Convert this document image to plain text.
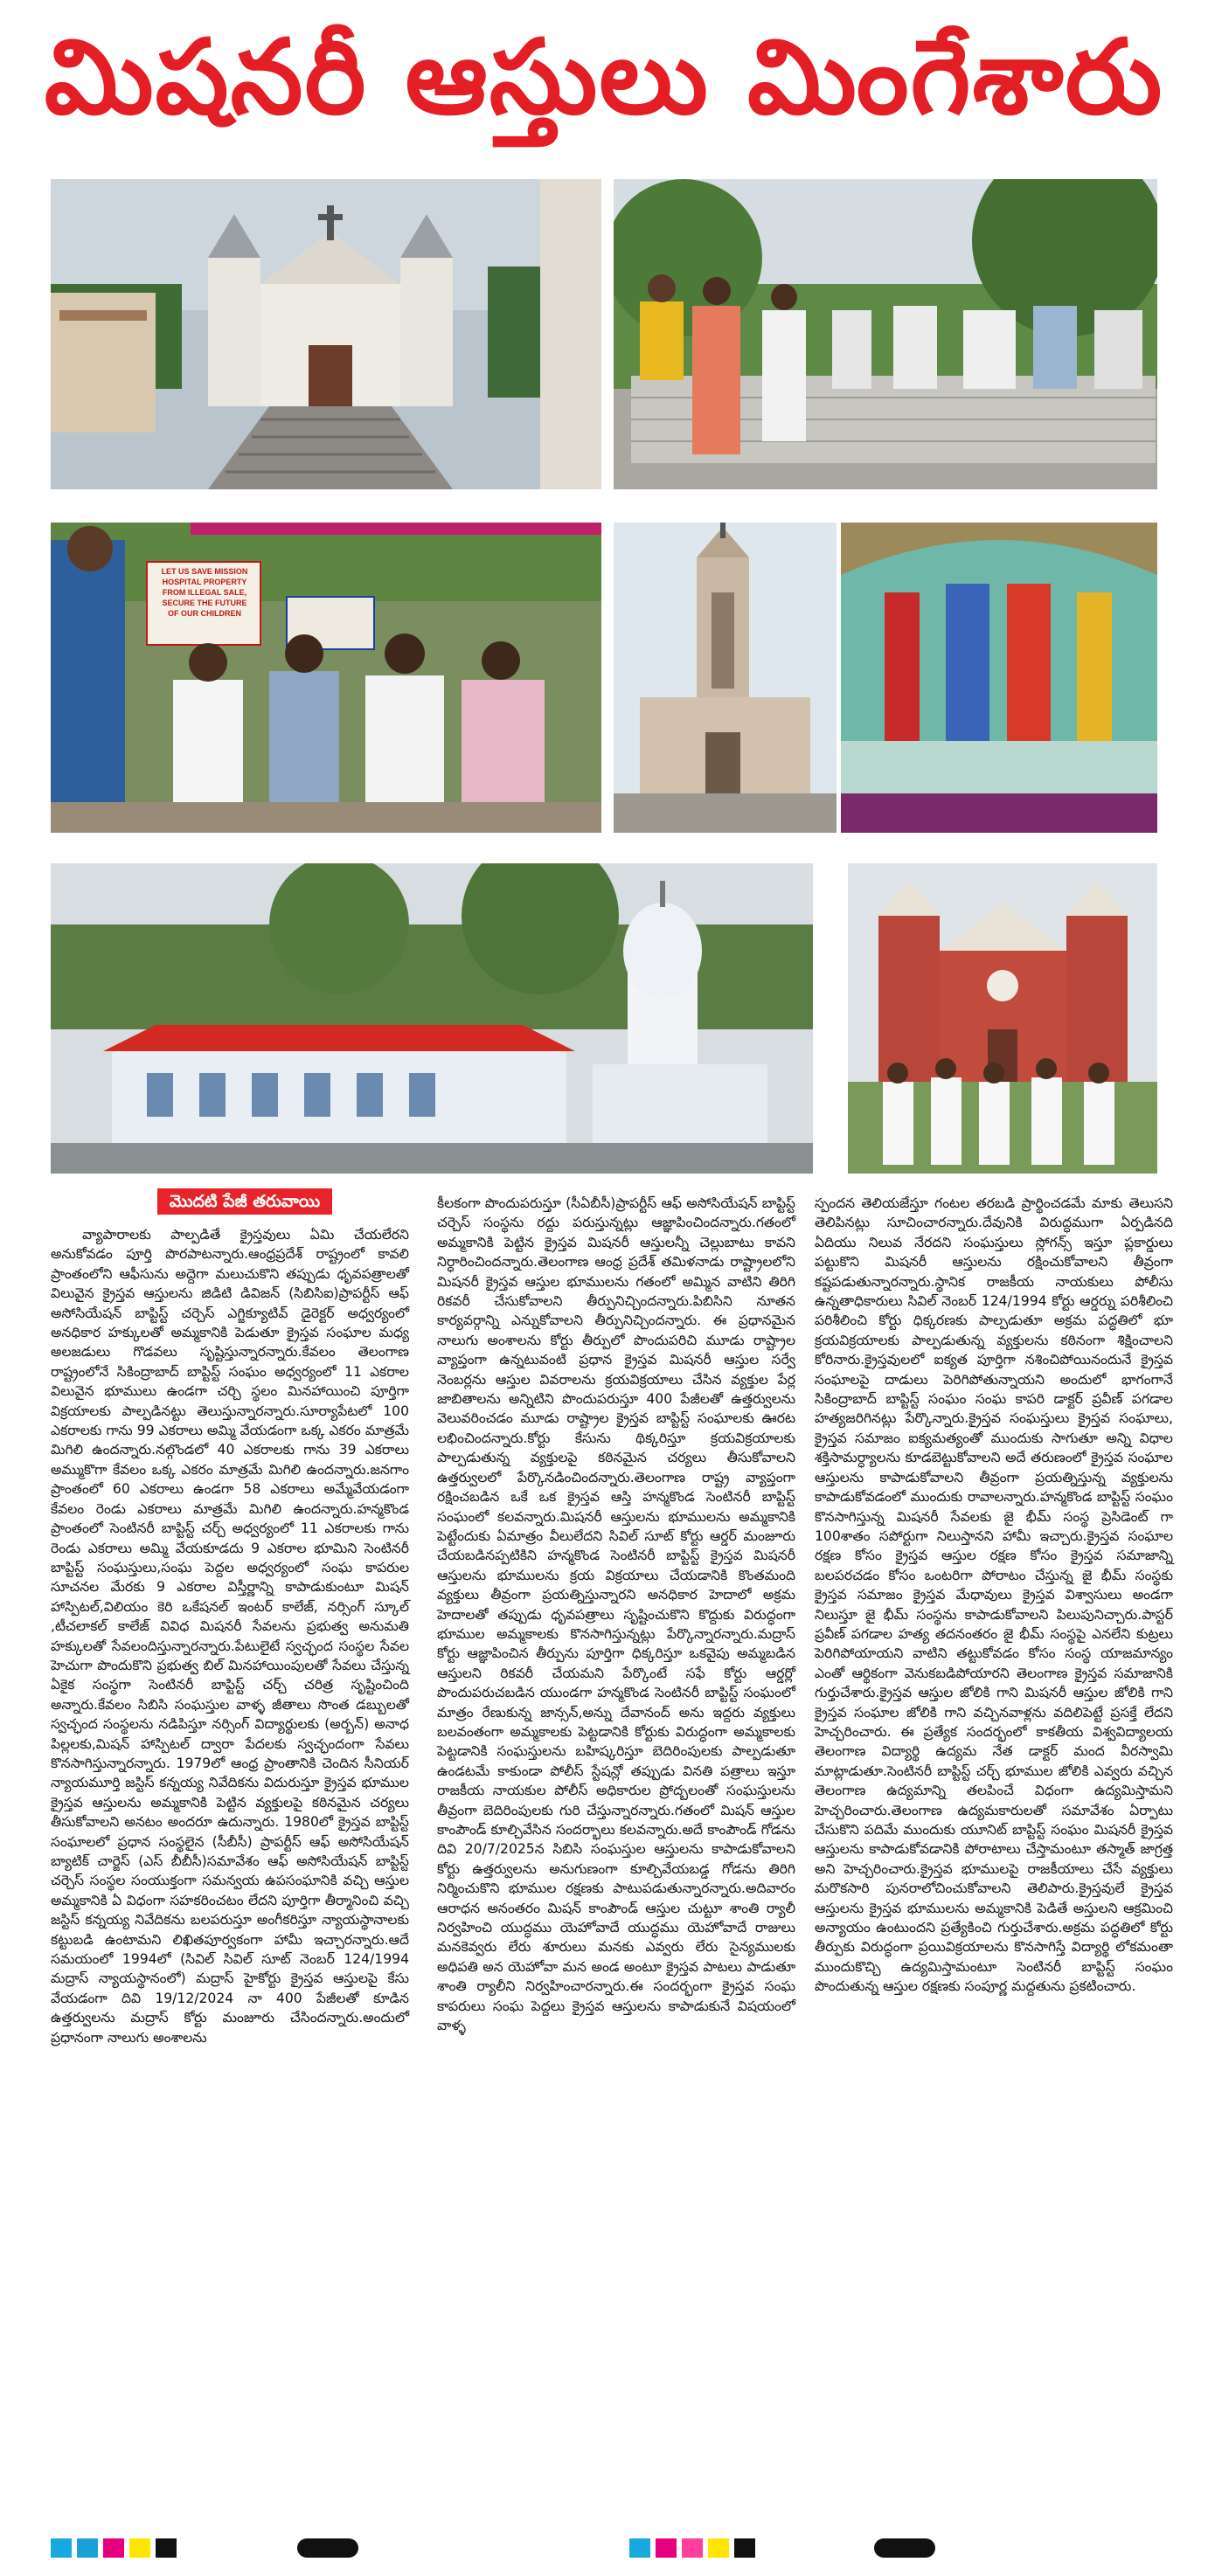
మిషనరీ ఆస్తులు మింగేశారు
LET US SAVE MISSION
HOSPITAL PROPERTY
FROM ILLEGAL SALE,
SECURE THE FUTURE
OF OUR CHILDREN
మొదటి పేజీ తరువాయి

వ్యాపారాలకు పాల్పడితే క్రైస్తవులు ఏమి చేయలేరని అనుకోవడం పూర్తి పొరపాటన్నారు.ఆంధ్రప్రదేశ్ రాష్ట్రంలో కావలి ప్రాంతంలోని ఆఫీసును అద్దెగా మలుచుకొని తప్పుడు ధృవపత్రాలతో విలువైన క్రైస్తవ ఆస్తులను జిడిటి డివిజన్ (సిబిసిఐ)ప్రాపర్టీస్ ఆఫ్ అసోసియేషన్ బాప్టిస్ట్ చర్చెస్ ఎగ్జిక్యూటివ్ డైరెక్టర్ అధ్వర్యంలో అనధికార హక్కులతో అమ్మకానికి పెడుతూ క్రైస్తవ సంఘాల మధ్య అలజడులు గొడవలు సృష్టిస్తున్నారన్నారు.కేవలం తెలంగాణ రాష్ట్రంలోనే సికింద్రాబాద్ బాప్టిస్ట్ సంఘం అధ్వర్యంలో 11 ఎకరాల విలువైన భూములు ఉండగా చర్చి స్థలం మినహాయించి పూర్తిగా విక్రయాలకు పాల్పడినట్టు తెలుస్తున్నారన్నారు.సూర్యాపేటలో 100 ఎకరాలకు గాను 99 ఎకరాలు అమ్మి వేయడంగా ఒక్క ఎకరం మాత్రమే మిగిలి ఉందన్నారు.నల్గొండలో 40 ఎకరాలకు గాను 39 ఎకరాలు అమ్ముకొగా కేవలం ఒక్క ఎకరం మాత్రమే మిగిలి ఉందన్నారు.జనగాం ప్రాంతంలో 60 ఎకరాలు ఉండగా 58 ఎకరాలు అమ్మేవేయడంగా కేవలం రెండు ఎకరాలు మాత్రమే మిగిలి ఉందన్నారు.హన్మకొండ ప్రాంతంలో సెంటినరీ బాప్టిస్ట్ చర్చ్ అధ్వర్యంలో 11 ఎకరాలకు గాను రెండు ఎకరాలు అమ్మి వేయకూడదు 9 ఎకరాల భూమిని సెంటినరీ బాప్టిస్ట్ సంఘస్తులు,సంఘ పెద్దల అధ్వర్యంలో సంఘ కాపరుల సూచనల మేరకు 9 ఎకరాల విస్తీర్ణాన్ని కాపాడుకుంటూ మిషన్ హాస్పిటల్,విలియం కెరి ఒకేషనల్ ఇంటర్ కాలేజ్, నర్సింగ్ స్కూల్ ,టీచలాకల్ కాలేజ్ వివిధ మిషనరీ సేవలను ప్రభుత్వ అనుమతి హక్కులతో సేవలందిస్తున్నారన్నారు.పేటులైటే స్వచ్ఛంద సంస్థల సేవల హెచుగా పొందుకొని ప్రభుత్వ బిల్ మినహాయింపులతో సేవలు చేస్తున్న ఏకైక సంస్థగా సెంటినరీ బాప్టిస్ట్ చర్చ్ చరిత్ర సృష్టించింది అన్నారు.కేవలం సిబిసి సంఘస్తుల వాళ్ళ జీతాలు సొంత డబ్బులతో స్వచ్ఛంద సంస్థలను నడిపిస్తూ నర్సింగ్ విద్యార్థులకు (అర్బన్) అనాధ పిల్లలకు,మిషన్ హాస్పిటల్ ద్వారా పేదలకు స్వచ్ఛందంగా సేవలు కొనసాగిస్తున్నారన్నారు. 1979లో ఆంధ్ర ప్రాంతానికి చెందిన సీనియర్ న్యాయమూర్తి జస్టిస్ కన్నయ్య నివేదికను విదురుస్తూ క్రైస్తవ భూముల క్రైస్తవ ఆస్తులను అమ్మకానికి పెట్టిన వ్యక్తులపై కఠినమైన చర్యలు తీసుకోవాలని అనటం అందరూ ఉదున్నారు. 1980లో క్రైస్తవ బాప్టిస్ట్ సంఘాలలో ప్రధాన సంస్థలైన (సీబీసీ) ప్రాపర్టీస్ ఆఫ్ అసోసియేషన్ బ్యాటిక్ చార్జెస్ (ఎస్ బీబీసీ)సమావేశం ఆఫ్ అసోసియేషన్ బాప్టిస్ట్ చర్చెస్ సంస్థల సంయుక్తంగా సమన్వయ ఉపసంఘానికి వచ్చి ఆస్తుల అమ్మకానికి ఏ విధంగా సహకరించటం లేదని పూర్తిగా తీర్మానించి వచ్చి జస్టిస్ కన్నయ్య నివేదికను బలపరుస్తూ అంగీకరిస్తూ న్యాయస్థానాలకు కట్టుబడి ఉంటామని లిఖితపూర్వకంగా హామీ ఇచ్చారన్నారు.ఆదే సమయంలో 1994లో (సివిల్ సివిల్ సూట్ నెంబర్ 124/1994 మద్రాస్ న్యాయస్థానంలో) మద్రాస్ హైకోర్టు క్రైస్తవ ఆస్తులపై కేసు వేయడంగా దివి 19/12/2024 నా 400 పేజీలతో కూడిన ఉత్తర్వులను మద్రాస్ కోర్టు మంజూరు చేసిందన్నారు.అందులో ప్రధానంగా నాలుగు అంశాలను

కీలకంగా పొందుపరుస్తూ (సీఏబీసీ)ప్రాపర్టీస్ ఆఫ్ అసోసియేషన్ బాప్టిస్ట్ చర్చెస్ సంస్థను రద్దు పరుస్తున్నట్లు ఆజ్ఞాపించిందన్నారు.గతంలో అమ్మకానికి పెట్టిన క్రైస్తవ మిషనరీ ఆస్తులన్నీ చెల్లుబాటు కావని నిర్ధారించిందన్నారు.తెలంగాణ ఆంధ్ర ప్రదేశ్ తమిళనాడు రాష్ట్రాలలోని మిషనరీ క్రైస్తవ ఆస్తుల భూములను గతంలో అమ్మిన వాటిని తిరిగి రికవరీ చేసుకోవాలని తీర్పునిచ్చిందన్నారు.పిబిసిని నూతన కార్యవర్గాన్ని ఎన్నుకోవాలని తీర్పునిచ్చిందన్నారు. ఈ ప్రధానమైన నాలుగు అంశాలను కోర్టు తీర్పులో పొందుపరిచి మూడు రాష్ట్రాల వ్యాప్తంగా ఉన్నటువంటి ప్రధాన క్రైస్తవ మిషనరీ ఆస్తుల సర్వే నెంబర్లను ఆస్తుల వివరాలను క్రయవిక్రయాలు చేసిన వ్యక్తుల పేర్ల జాబితాలను అన్నిటిని పొందుపరుస్తూ 400 పేజీలతో ఉత్తర్వులను వెలువరించడం మూడు రాష్ట్రాల క్రైస్తవ బాప్టిస్ట్ సంఘాలకు ఊరట లభించిందన్నారు.కోర్టు కేసును థిక్కరిస్తూ క్రయవిక్రయాలకు పాల్పడుతున్న వ్యక్తులపై కఠినమైన చర్యలు తీసుకోవాలని ఉత్తర్వులలో పేర్కొనడించిందన్నారు.తెలంగాణ రాష్ట్ర వ్యాప్తంగా రక్షించబడిన ఒకే ఒక క్రైస్తవ ఆస్తి హన్మకొండ సెంటినరీ బాప్టిస్ట్ సంఘంలో కలవన్నారు.మిషనరీ ఆస్తులను భూములను అమ్మకానికి పెట్టేందుకు ఏమాత్రం వీలులేదని సివిల్ సూట్ కోర్టు ఆర్డర్ మంజూరు చేయబడినప్పటికిని హన్మకొండ సెంటినరీ బాప్టిస్ట్ క్రైస్తవ మిషనరీ ఆస్తులను భూములను క్రయ విక్రయాలు చేయడానికి కొంతమంది వ్యక్తులు తీవ్రంగా ప్రయత్నిస్తున్నారని అనధికార హెదాలో అక్రమ హెదాలతో తప్పుడు ధృవపత్రాలు సృష్టించుకొని కొద్దుకు విరుద్ధంగా భూముల అమ్మకాలకు కొనసాగిస్తున్నట్లు పేర్కొన్నారన్నారు.మద్రాస్ కోర్టు ఆజ్ఞాపించిన తీర్పును పూర్తిగా ధిక్కరిస్తూ ఒకవైపు అమ్మబడిన ఆస్తులని రికవరీ చేయమని పేర్కొంటే సఫే కోర్టు ఆర్డర్లో పొందుపరుచబడిన యుండగా హన్మకొండ సెంటినరీ బాప్టిస్ట్ సంఘంలో మాత్రం రేణుకున్న జాన్సన్,అన్ను దేవానంద్ అను ఇద్దరు వ్యక్తులు బలవంతంగా అమ్మకాలకు పెట్టడానికి కోర్టుకు విరుద్ధంగా అమ్మకాలకు పెట్టడానికి సంఘస్తులను బహిష్కరిస్తూ బెదిరింపులకు పాల్పడుతూ ఉండటమే కాకుండా పోలీస్ స్టేషన్లో తప్పుడు వినతి పత్రాలు ఇస్తూ రాజకీయ నాయకుల పోలీస్ అధికారుల ప్రోద్బలంతో సంఘస్తులను తీవ్రంగా బెదిరింపులకు గురి చేస్తున్నారన్నారు.గతంలో మిషన్ ఆస్తుల కాంపౌండ్ కూల్చివేసిన సందర్భాలు కలవన్నారు.అదే కాంపౌండ్ గోడను దివి 20/7/2025న సిబిసి సంఘస్తుల ఆస్తులను కాపాడుకోవాలని కోర్టు ఉత్తర్వులను అనుగుణంగా కూల్చివేయబడ్డ గోడను తిరిగి నిర్మించుకొని భూముల రక్షణకు పాటుపడుతున్నారన్నారు.అదివారం ఆరాధన అనంతరం మిషన్ కాంపౌండ్ ఆస్తుల చుట్టూ శాంతి ర్యాలీ నిర్వహించి యుద్ధము యెహోవాదే యుద్ధము యెహోవాదే రాజులు మనకెవ్వరు లేరు శూరులు మనకు ఎవ్వరు లేరు సైన్యములకు అధిపతి అన యెహోవా మన అండ అంటూ క్రైస్తవ పాటలు పాడుతూ శాంతి ర్యాలీని నిర్వహించారన్నారు.ఈ సందర్భంగా క్రైస్తవ సంఘ కాపరులు సంఘ పెద్దలు క్రైస్తవ ఆస్తులను కాపాడుకునే విషయంలో వాళ్ళ

స్పందన తెలియజేస్తూ గంటల తరబడి ప్రార్థించడమే మాకు తెలుసని తెలిపినట్లు సూచించారన్నారు.దేవునికి విరుద్ధముగా ఏర్పడినది ఏదియు నిలువ నేరదని సంఘస్తులు స్లోగన్స్ ఇస్తూ ప్లకార్డులు పట్టుకొని మిషనరీ ఆస్తులను రక్షించుకోవాలని తీవ్రంగా కష్టపడుతున్నారన్నారు.స్థానిక రాజకీయ నాయకులు పోలీసు ఉన్నతాధికారులు సివిల్ నెంబర్ 124/1994 కోర్టు ఆర్డర్ను పరిశీలించి పరిశీలించి కోర్టు ధిక్కరణకు పాల్పడుతూ అక్రమ పద్ధతిలో భూ క్రయవిక్రయాలకు పాల్పడుతున్న వ్యక్తులను కఠినంగా శిక్షించాలని కోరినారు.క్రైస్తవులలో ఐక్యత పూర్తిగా నశించిపోయినందునే క్రైస్తవ సంఘాలపై దాడులు పెరిగిపోతున్నాయని అందులో భాగంగానే సికింద్రాబాద్ బాప్టిస్ట్ సంఘం సంఘ కాపరి డాక్టర్ ప్రవీణ్ పగడాల హత్యజరిగినట్లు పేర్కొన్నారు.క్రైస్తవ సంఘస్తులు క్రైస్తవ సంఘాలు, క్రైస్తవ సమాజం ఐక్యమత్యంతో ముందుకు సాగుతూ అన్ని విధాల శక్తిసామర్ధ్యాలను కూడబెట్టుకోవాలని అదే తరుణంలో క్రైస్తవ సంఘాల ఆస్తులను కాపాడుకోవాలని తీవ్రంగా ప్రయత్నిస్తున్న వ్యక్తులను కాపాడుకోవడంలో ముందుకు రావాలన్నారు.హన్మకొండ బాప్టిస్ట్ సంఘం కొనసాగిస్తున్న మిషనరీ సేవలకు జై భీమ్ సంస్థ ప్రెసిడెంట్ గా 100శాతం సపోర్టుగా నిలుస్తానని హామీ ఇచ్చారు.క్రైస్తవ సంఘాల రక్షణ కోసం క్రైస్తవ ఆస్తుల రక్షణ కోసం క్రైస్తవ సమాజాన్ని బలపరచడం కోసం ఒంటరిగా పోరాటం చేస్తున్న జై భీమ్ సంస్థకు క్రైస్తవ సమాజం క్రైస్తవ మేధావులు క్రైస్తవ విశ్వాసులు అండగా నిలుస్తూ జై భీమ్ సంస్థను కాపాడుకోవాలని పిలుపునిచ్చారు.పాస్టర్ ప్రవీణ్ పగడాల హత్య తదనంతరం జై భీమ్ సంస్థపై ఎనలేని కుట్రలు పెరిగిపోయాయని వాటిని తట్టుకోవడం కోసం సంస్థ యాజమాన్యం ఎంతో ఆర్థికంగా వెనుకబడిపోయారని తెలంగాణ క్రైస్తవ సమాజానికి గుర్తుచేశారు.క్రైస్తవ ఆస్తుల జోలికి గాని మిషనరీ ఆస్తుల జోలికి గాని క్రైస్తవ సంఘాల జోలికి గాని వచ్చినవాళ్లను వదిలిపెట్టే ప్రసక్తే లేదని హెచ్చరించారు. ఈ ప్రత్యేక సందర్భంలో కాకతీయ విశ్వవిద్యాలయ తెలంగాణ విద్యార్థి ఉద్యమ నేత డాక్టర్ మంద వీరస్వామి మాట్లాడుతూ.సెంటినరీ బాప్టిస్ట్ చర్చ్ భూముల జోలికి ఎవ్వరు వచ్చిన తెలంగాణ ఉద్యమాన్ని తలపించే విధంగా ఉద్యమిస్తామని హెచ్చరించారు.తెలంగాణ ఉద్యమకారులతో సమావేశం ఏర్పాటు చేసుకొని పదిమే ముందుకు యూనిట్ బాప్టిస్ట్ సంఘం మిషనరీ క్రైస్తవ ఆస్తులను కాపాడుకోవడానికి పోరాటాలు చేస్తామంటూ తస్మాత్ జాగ్రత్త అని హెచ్చరించారు.క్రైస్తవ భూములపై రాజకీయాలు చేసే వ్యక్తులు మరొకసారి పునరాలోచించుకోవాలని తెలిపారు.క్రైస్తవులే క్రైస్తవ ఆస్తులను క్రైస్తవ భూములను అమ్మకానికి పెడితే అస్తులని ఆక్రమించి అన్యాయం ఉంటుందని ప్రత్యేకించి గుర్తుచేశారు.అక్రమ పద్ధతిలో కోర్టు తీర్పుకు విరుద్ధంగా ప్రయివిక్రయాలను కొనసాగిస్తే విద్యార్థి లోకమంతా ముందుకొచ్చి ఉద్యమిస్తామంటూ సెంటినరీ బాప్టిస్ట్ సంఘం పొందుతున్న ఆస్తుల రక్షణకు సంపూర్ణ మద్దతును ప్రకటించారు.
